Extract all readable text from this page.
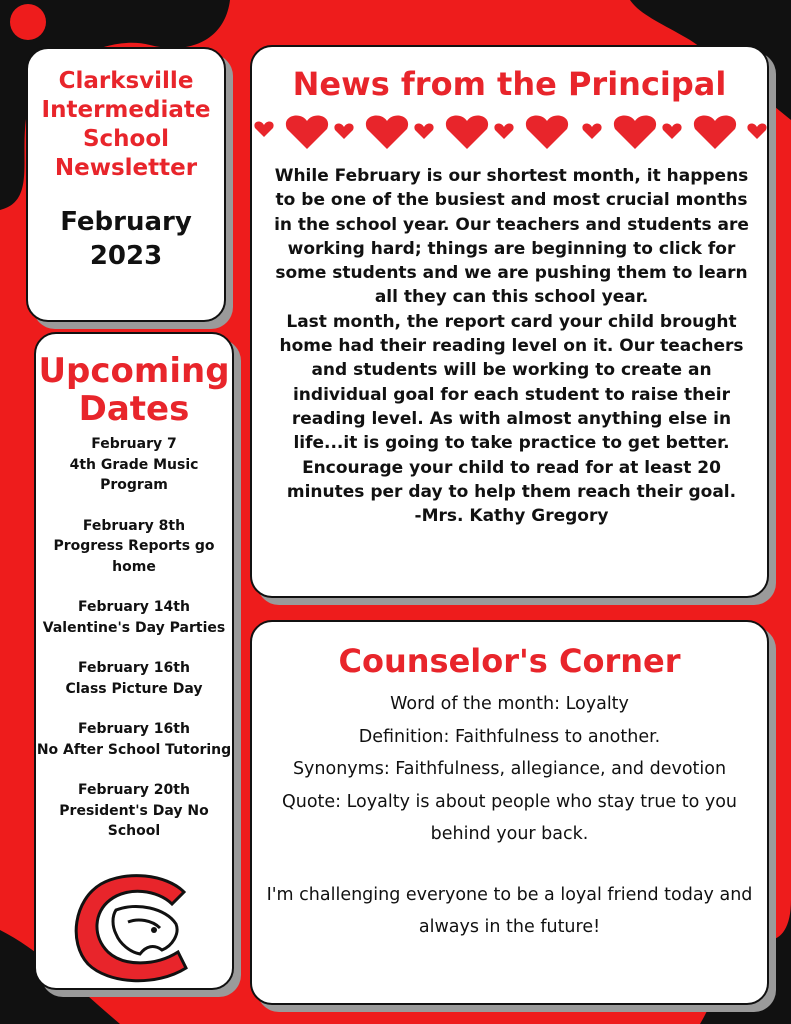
Clarksville Intermediate School Newsletter
February 2023
Upcoming Dates
February 7
4th Grade Music Program
February 8th
Progress Reports go home
February 14th
Valentine's Day Parties
February 16th
Class Picture Day
February 16th
No After School Tutoring
February 20th
President's Day No School
News from the Principal
While February is our shortest month, it happens to be one of the busiest and most crucial months in the school year. Our teachers and students are working hard; things are beginning to click for some students and we are pushing them to learn all they can this school year.
Last month, the report card your child brought home had their reading level on it. Our teachers and students will be working to create an individual goal for each student to raise their reading level. As with almost anything else in life...it is going to take practice to get better. Encourage your child to read for at least 20 minutes per day to help them reach their goal.
-Mrs. Kathy Gregory
Counselor's Corner
Word of the month: Loyalty
Definition: Faithfulness to another.
Synonyms: Faithfulness, allegiance, and devotion
Quote: Loyalty is about people who stay true to you behind your back.
I'm challenging everyone to be a loyal friend today and always in the future!
